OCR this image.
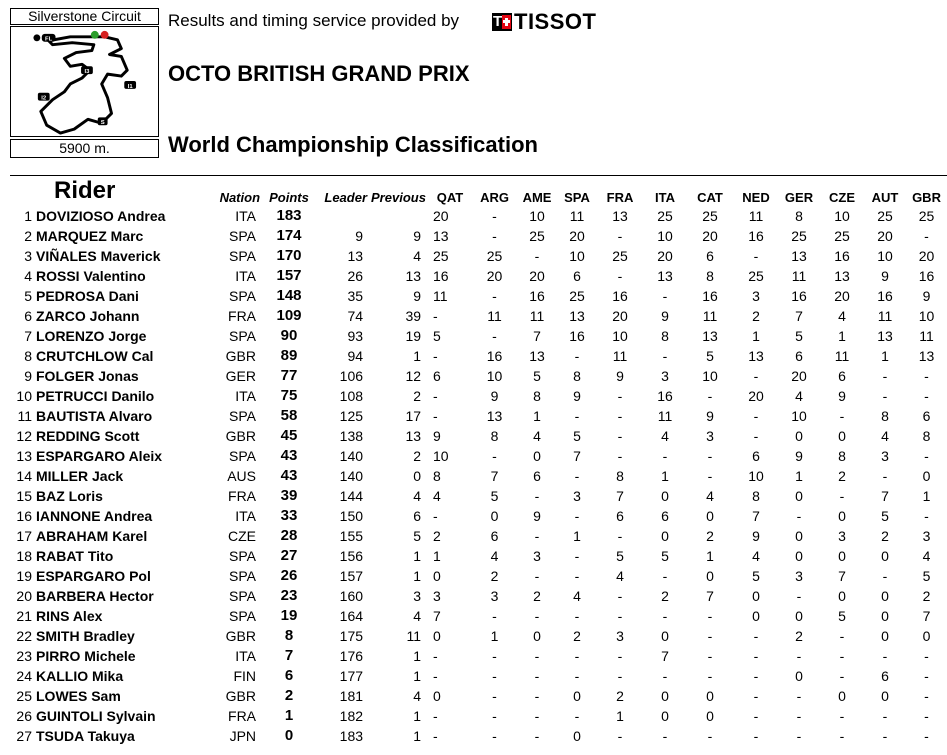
Silverstone Circuit
FL
I3
I1
I2
S
5900 m.
Results and timing service provided by T TISSOT
OCTO BRITISH GRAND PRIX
World Championship Classification
Rider		Nation	Points	Leader	Previous	QAT	ARG	AME	SPA	FRA	ITA	CAT	NED	GER	CZE	AUT	GBR
1	DOVIZIOSO Andrea	ITA	183			20	-	10	11	13	25	25	11	8	10	25	25
2	MARQUEZ Marc	SPA	174	9	9	13	-	25	20	-	10	20	16	25	25	20	-
3	VIÑALES Maverick	SPA	170	13	4	25	25	-	10	25	20	6	-	13	16	10	20
4	ROSSI Valentino	ITA	157	26	13	16	20	20	6	-	13	8	25	11	13	9	16
5	PEDROSA Dani	SPA	148	35	9	11	-	16	25	16	-	16	3	16	20	16	9
6	ZARCO Johann	FRA	109	74	39	-	11	11	13	20	9	11	2	7	4	11	10
7	LORENZO Jorge	SPA	90	93	19	5	-	7	16	10	8	13	1	5	1	13	11
8	CRUTCHLOW Cal	GBR	89	94	1	-	16	13	-	11	-	5	13	6	11	1	13
9	FOLGER Jonas	GER	77	106	12	6	10	5	8	9	3	10	-	20	6	-	-
10	PETRUCCI Danilo	ITA	75	108	2	-	9	8	9	-	16	-	20	4	9	-	-
11	BAUTISTA Alvaro	SPA	58	125	17	-	13	1	-	-	11	9	-	10	-	8	6
12	REDDING Scott	GBR	45	138	13	9	8	4	5	-	4	3	-	0	0	4	8
13	ESPARGARO Aleix	SPA	43	140	2	10	-	0	7	-	-	-	6	9	8	3	-
14	MILLER Jack	AUS	43	140	0	8	7	6	-	8	1	-	10	1	2	-	0
15	BAZ Loris	FRA	39	144	4	4	5	-	3	7	0	4	8	0	-	7	1
16	IANNONE Andrea	ITA	33	150	6	-	0	9	-	6	6	0	7	-	0	5	-
17	ABRAHAM Karel	CZE	28	155	5	2	6	-	1	-	0	2	9	0	3	2	3
18	RABAT Tito	SPA	27	156	1	1	4	3	-	5	5	1	4	0	0	0	4
19	ESPARGARO Pol	SPA	26	157	1	0	2	-	-	4	-	0	5	3	7	-	5
20	BARBERA Hector	SPA	23	160	3	3	3	2	4	-	2	7	0	-	0	0	2
21	RINS Alex	SPA	19	164	4	7	-	-	-	-	-	-	0	0	5	0	7
22	SMITH Bradley	GBR	8	175	11	0	1	0	2	3	0	-	-	2	-	0	0
23	PIRRO Michele	ITA	7	176	1	-	-	-	-	-	7	-	-	-	-	-	-
24	KALLIO Mika	FIN	6	177	1	-	-	-	-	-	-	-	-	0	-	6	-
25	LOWES Sam	GBR	2	181	4	0	-	-	0	2	0	0	-	-	0	0	-
26	GUINTOLI Sylvain	FRA	1	182	1	-	-	-	-	1	0	0	-	-	-	-	-
27	TSUDA Takuya	JPN	0	183	1	-	-	-	0	-	-	-	-	-	-	-	-
